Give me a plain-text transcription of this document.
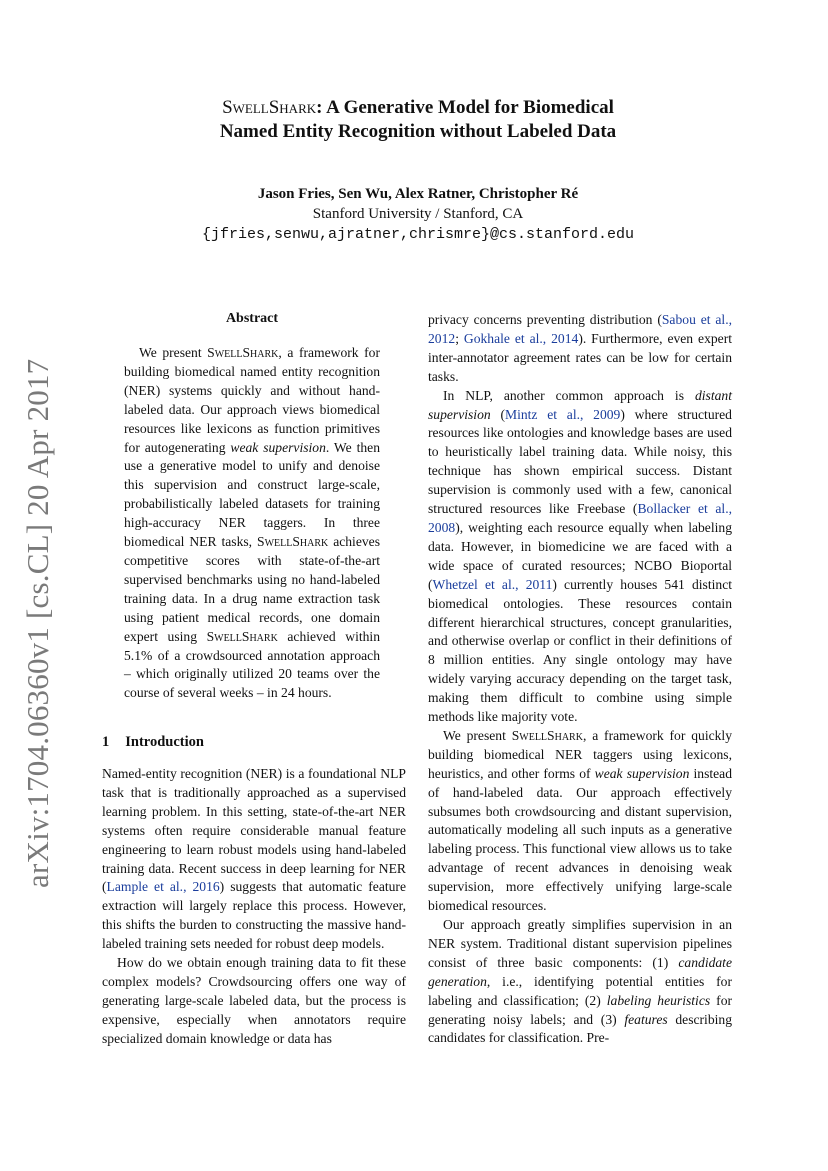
arXiv:1704.06360v1 [cs.CL] 20 Apr 2017
SwellShark: A Generative Model for Biomedical
Named Entity Recognition without Labeled Data
Jason Fries, Sen Wu, Alex Ratner, Christopher Ré
Stanford University / Stanford, CA
{jfries,senwu,ajratner,chrismre}@cs.stanford.edu
Abstract

We present SwellShark, a framework for building biomedical named entity recognition (NER) systems quickly and without hand-labeled data. Our approach views biomedical resources like lexicons as function primitives for autogenerating weak supervision. We then use a generative model to unify and denoise this supervision and construct large-scale, probabilistically labeled datasets for training high-accuracy NER taggers. In three biomedical NER tasks, SwellShark achieves competitive scores with state-of-the-art supervised benchmarks using no hand-labeled training data. In a drug name extraction task using patient medical records, one domain expert using SwellShark achieved within 5.1% of a crowdsourced annotation approach – which originally utilized 20 teams over the course of several weeks – in 24 hours.

1 Introduction

Named-entity recognition (NER) is a foundational NLP task that is traditionally approached as a supervised learning problem. In this setting, state-of-the-art NER systems often require considerable manual feature engineering to learn robust models using hand-labeled training data. Recent success in deep learning for NER (Lample et al., 2016) suggests that automatic feature extraction will largely replace this process. However, this shifts the burden to constructing the massive hand-labeled training sets needed for robust deep models.

How do we obtain enough training data to fit these complex models? Crowdsourcing offers one way of generating large-scale labeled data, but the process is expensive, especially when annotators require specialized domain knowledge or data has

privacy concerns preventing distribution (Sabou et al., 2012; Gokhale et al., 2014). Furthermore, even expert inter-annotator agreement rates can be low for certain tasks.

In NLP, another common approach is distant supervision (Mintz et al., 2009) where structured resources like ontologies and knowledge bases are used to heuristically label training data. While noisy, this technique has shown empirical success. Distant supervision is commonly used with a few, canonical structured resources like Freebase (Bollacker et al., 2008), weighting each resource equally when labeling data. However, in biomedicine we are faced with a wide space of curated resources; NCBO Bioportal (Whetzel et al., 2011) currently houses 541 distinct biomedical ontologies. These resources contain different hierarchical structures, concept granularities, and otherwise overlap or conflict in their definitions of 8 million entities. Any single ontology may have widely varying accuracy depending on the target task, making them difficult to combine using simple methods like majority vote.

We present SwellShark, a framework for quickly building biomedical NER taggers using lexicons, heuristics, and other forms of weak supervision instead of hand-labeled data. Our approach effectively subsumes both crowdsourcing and distant supervision, automatically modeling all such inputs as a generative labeling process. This functional view allows us to take advantage of recent advances in denoising weak supervision, more effectively unifying large-scale biomedical resources.

Our approach greatly simplifies supervision in an NER system. Traditional distant supervision pipelines consist of three basic components: (1) candidate generation, i.e., identifying potential entities for labeling and classification; (2) labeling heuristics for generating noisy labels; and (3) features describing candidates for classification. Pre-
